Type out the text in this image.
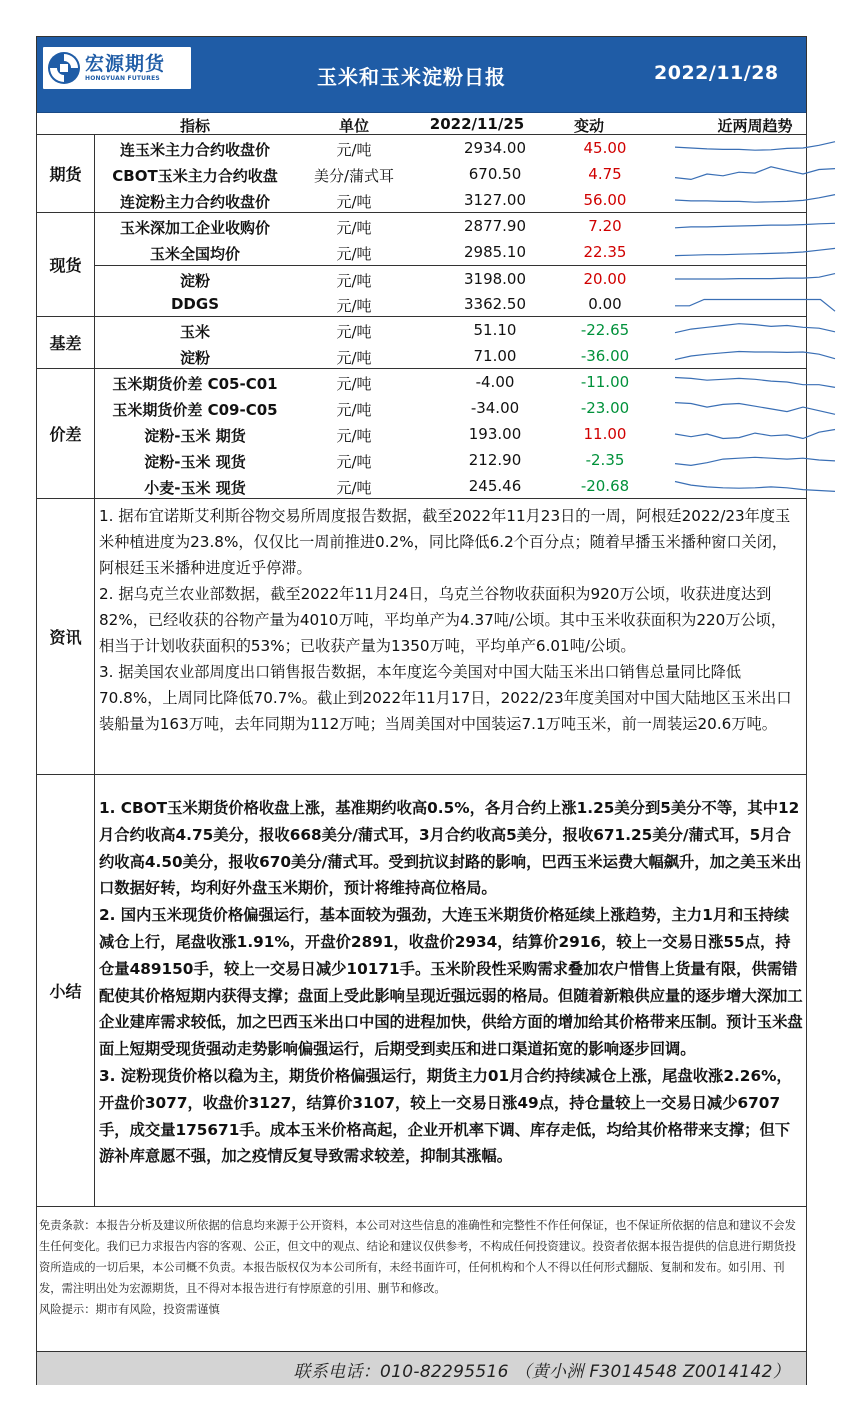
宏源期货
HONGYUAN FUTURES	玉米和玉米淀粉日报	2022/11/28
指标	单位	2022/11/25	变动	近两周趋势
期货
连玉米主力合约收盘价	元/吨	2934.00	45.00
CBOT玉米主力合约收盘	美分/蒲式耳	670.50	4.75
连淀粉主力合约收盘价	元/吨	3127.00	56.00
现货
玉米深加工企业收购价	元/吨	2877.90	7.20
玉米全国均价	元/吨	2985.10	22.35
淀粉	元/吨	3198.00	20.00
DDGS	元/吨	3362.50	0.00
基差
玉米	元/吨	51.10	-22.65
淀粉	元/吨	71.00	-36.00
价差
玉米期货价差 C05-C01	元/吨	-4.00	-11.00
玉米期货价差 C09-C05	元/吨	-34.00	-23.00
淀粉-玉米 期货	元/吨	193.00	11.00
淀粉-玉米 现货	元/吨	212.90	-2.35
小麦-玉米 现货	元/吨	245.46	-20.68
资讯

1. 据布宜诺斯艾利斯谷物交易所周度报告数据，截至2022年11月23日的一周，阿根廷2022/23年度玉米种植进度为23.8%，仅仅比一周前推进0.2%，同比降低6.2个百分点；随着早播玉米播种窗口关闭，阿根廷玉米播种进度近乎停滞。

2. 据乌克兰农业部数据，截至2022年11月24日，乌克兰谷物收获面积为920万公顷，收获进度达到82%，已经收获的谷物产量为4010万吨，平均单产为4.37吨/公顷。其中玉米收获面积为220万公顷，相当于计划收获面积的53%；已收获产量为1350万吨，平均单产6.01吨/公顷。

3. 据美国农业部周度出口销售报告数据，本年度迄今美国对中国大陆玉米出口销售总量同比降低70.8%，上周同比降低70.7%。截止到2022年11月17日，2022/23年度美国对中国大陆地区玉米出口装船量为163万吨，去年同期为112万吨；当周美国对中国装运7.1万吨玉米，前一周装运20.6万吨。

小结

1. CBOT玉米期货价格收盘上涨，基准期约收高0.5%，各月合约上涨1.25美分到5美分不等，其中12月合约收高4.75美分，报收668美分/蒲式耳，3月合约收高5美分，报收671.25美分/蒲式耳，5月合约收高4.50美分，报收670美分/蒲式耳。受到抗议封路的影响，巴西玉米运费大幅飙升，加之美玉米出口数据好转，均利好外盘玉米期价，预计将维持高位格局。

2. 国内玉米现货价格偏强运行，基本面较为强劲，大连玉米期货价格延续上涨趋势，主力1月和玉持续减仓上行，尾盘收涨1.91%，开盘价2891，收盘价2934，结算价2916，较上一交易日涨55点，持仓量489150手，较上一交易日减少10171手。玉米阶段性采购需求叠加农户惜售上货量有限，供需错配使其价格短期内获得支撑；盘面上受此影响呈现近强远弱的格局。但随着新粮供应量的逐步增大深加工企业建库需求较低，加之巴西玉米出口中国的进程加快，供给方面的增加给其价格带来压制。预计玉米盘面上短期受现货强动走势影响偏强运行，后期受到卖压和进口渠道拓宽的影响逐步回调。

3. 淀粉现货价格以稳为主，期货价格偏强运行，期货主力01月合约持续减仓上涨，尾盘收涨2.26%，开盘价3077，收盘价3127，结算价3107，较上一交易日涨49点，持仓量较上一交易日减少6707手，成交量175671手。成本玉米价格高起，企业开机率下调、库存走低，均给其价格带来支撑；但下游补库意愿不强，加之疫情反复导致需求较差，抑制其涨幅。

免责条款：本报告分析及建议所依据的信息均来源于公开资料，本公司对这些信息的准确性和完整性不作任何保证，也不保证所依据的信息和建议不会发生任何变化。我们已力求报告内容的客观、公正，但文中的观点、结论和建议仅供参考，不构成任何投资建议。投资者依据本报告提供的信息进行期货投资所造成的一切后果，本公司概不负责。本报告版权仅为本公司所有，未经书面许可，任何机构和个人不得以任何形式翻版、复制和发布。如引用、刊发，需注明出处为宏源期货，且不得对本报告进行有悖原意的引用、删节和修改。

风险提示：期市有风险，投资需谨慎

联系电话：010-82295516 （黄小洲 F3014548 Z0014142）
